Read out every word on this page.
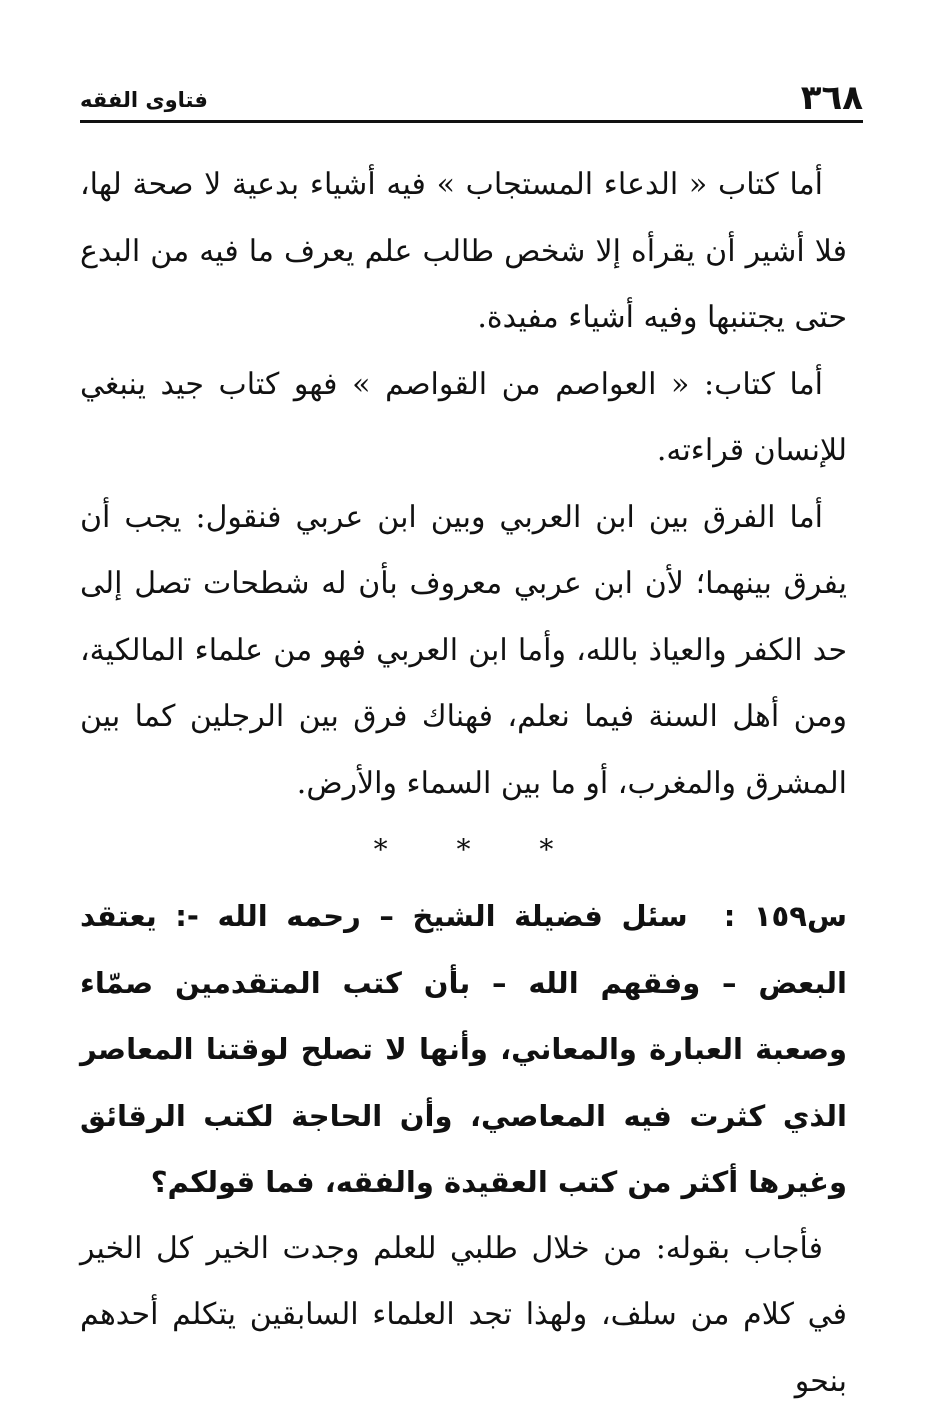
٣٦٨
فتاوى الفقه

أما كتاب « الدعاء المستجاب » فيه أشياء بدعية لا صحة لها، فلا أشير أن يقرأه إلا شخص طالب علم يعرف ما فيه من البدع حتى يجتنبها وفيه أشياء مفيدة.

أما كتاب: « العواصم من القواصم » فهو كتاب جيد ينبغي للإنسان قراءته.

أما الفرق بين ابن العربي وبين ابن عربي فنقول: يجب أن يفرق بينهما؛ لأن ابن عربي معروف بأن له شطحات تصل إلى حد الكفر والعياذ بالله، وأما ابن العربي فهو من علماء المالكية، ومن أهل السنة فيما نعلم، فهناك فرق بين الرجلين كما بين المشرق والمغرب، أو ما بين السماء والأرض.

* * *

س١٥٩ :سئل فضيلة الشيخ – رحمه الله -: يعتقد البعض – وفقهم الله – بأن كتب المتقدمين صمّاء وصعبة العبارة والمعاني، وأنها لا تصلح لوقتنا المعاصر الذي كثرت فيه المعاصي، وأن الحاجة لكتب الرقائق وغيرها أكثر من كتب العقيدة والفقه، فما قولكم؟

فأجاب بقوله: من خلال طلبي للعلم وجدت الخير كل الخير في كلام من سلف، ولهذا تجد العلماء السابقين يتكلم أحدهم بنحو
